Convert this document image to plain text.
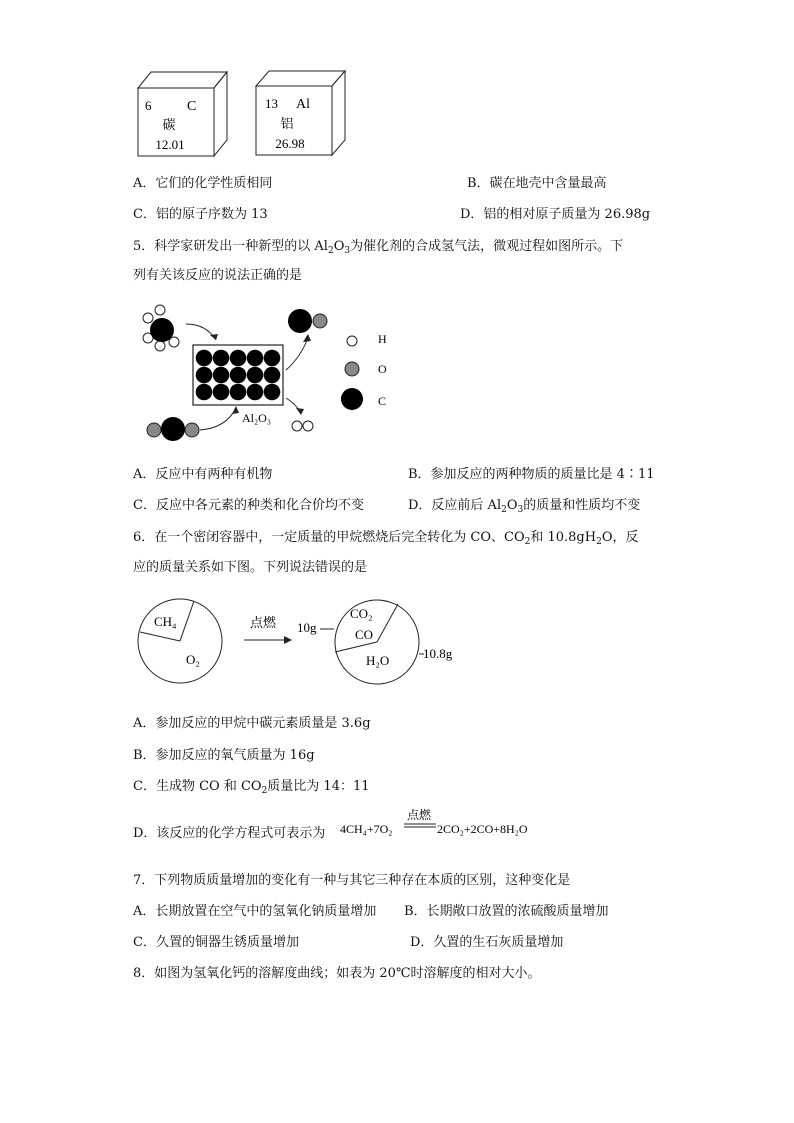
6	C
碳
12.01
13 Al
铝
26.98
A．它们的化学性质相同	B．碳在地壳中含量最高
C．铝的原子序数为 13	D．铝的相对原子质量为 26.98g
5．科学家研发出一种新型的以 $Al_2O_3$为催化剂的合成氢气法，微观过程如图所示。下
列有关该反应的说法正确的是
Al₂O₃
H
O
C
A．反应中有两种有机物	B．参加反应的两种物质的质量比是 4∶11
C．反应中各元素的种类和化合价均不变	D．反应前后 $Al_2O_3$的质量和性质均不变
6．在一个密闭容器中，一定质量的甲烷燃烧后完全转化为 CO、$CO_2$和 $10.8gH_2O$，反
应的质量关系如下图。下列说法错误的是
CH₄
O₂
点燃
CO₂
CO
H₂O
10g
10.8g
A．参加反应的甲烷中碳元素质量是 3.6g
B．参加反应的氧气质量为 16g
C．生成物 CO 和 $CO_2$质量比为 14：11
D．该反应的化学方程式可表示为 4CH₄+7O₂
点燃
2CO₂+2CO+8H₂O
7．下列物质质量增加的变化有一种与其它三种存在本质的区别，这种变化是
A．长期放置在空气中的氢氧化钠质量增加 B．长期敞口放置的浓硫酸质量增加
C．久置的铜器生锈质量增加	D．久置的生石灰质量增加
8．如图为氢氧化钙的溶解度曲线；如表为 20℃时溶解度的相对大小。
